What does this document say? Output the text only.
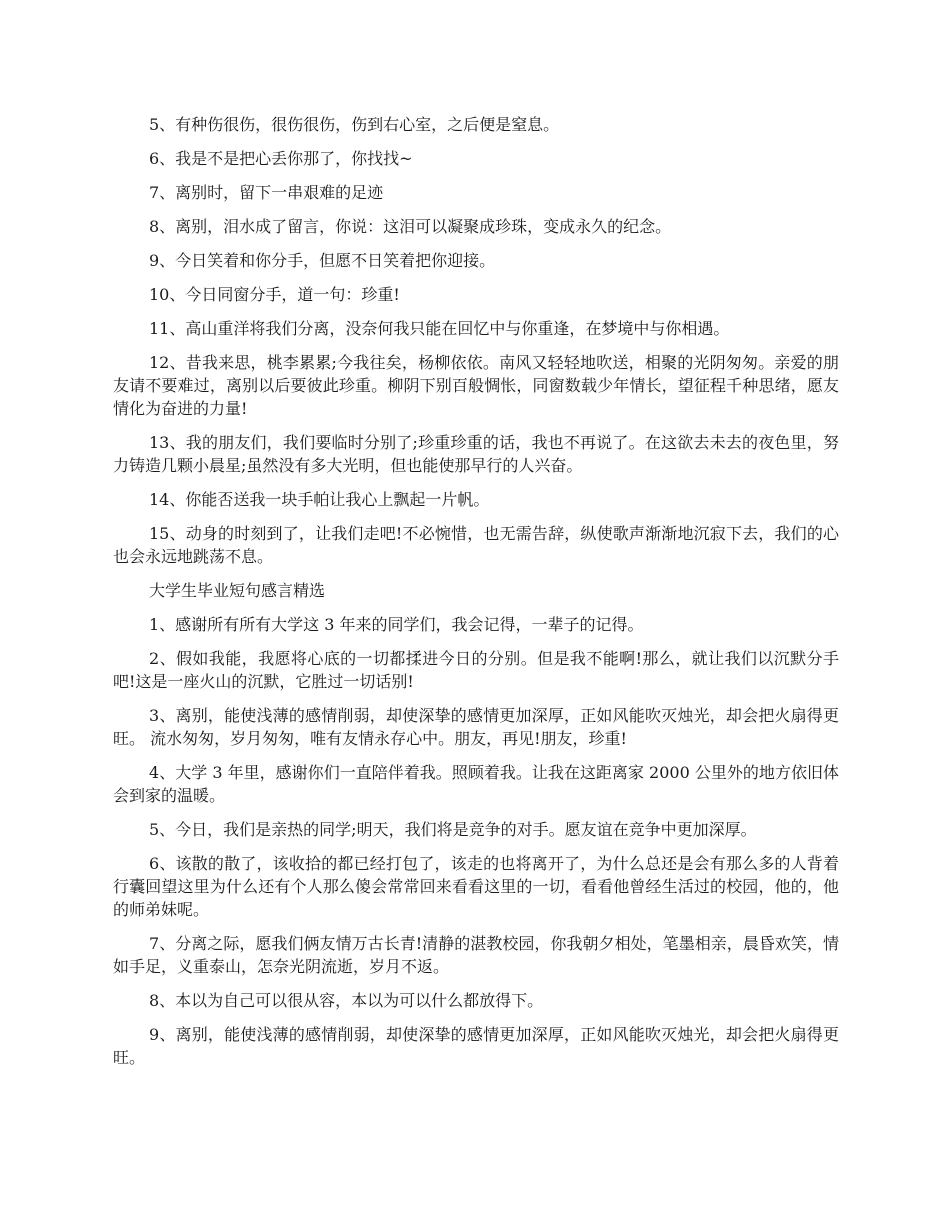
5、有种伤很伤，很伤很伤，伤到右心室，之后便是窒息。

6、我是不是把心丢你那了，你找找~

7、离别时，留下一串艰难的足迹

8、离别，泪水成了留言，你说：这泪可以凝聚成珍珠，变成永久的纪念。

9、今日笑着和你分手，但愿不日笑着把你迎接。

10、今日同窗分手，道一句：珍重!

11、高山重洋将我们分离，没奈何我只能在回忆中与你重逢，在梦境中与你相遇。

12、昔我来思，桃李累累;今我往矣，杨柳依依。南风又轻轻地吹送，相聚的光阴匆匆。亲爱的朋友请不要难过，离别以后要彼此珍重。柳阴下别百般惆怅，同窗数载少年情长，望征程千种思绪，愿友情化为奋进的力量!

13、我的朋友们，我们要临时分别了;珍重珍重的话，我也不再说了。在这欲去未去的夜色里，努力铸造几颗小晨星;虽然没有多大光明，但也能使那早行的人兴奋。

14、你能否送我一块手帕让我心上飘起一片帆。

15、动身的时刻到了，让我们走吧!不必惋惜，也无需告辞，纵使歌声渐渐地沉寂下去，我们的心也会永远地跳荡不息。

大学生毕业短句感言精选

1、感谢所有所有大学这 3 年来的同学们，我会记得，一辈子的记得。

2、假如我能，我愿将心底的一切都揉进今日的分别。但是我不能啊!那么，就让我们以沉默分手吧!这是一座火山的沉默，它胜过一切话别!

3、离别，能使浅薄的感情削弱，却使深挚的感情更加深厚，正如风能吹灭烛光，却会把火扇得更 旺。 流水匆匆，岁月匆匆，唯有友情永存心中。朋友，再见!朋友，珍重!

4、大学 3 年里，感谢你们一直陪伴着我。照顾着我。让我在这距离家 2000 公里外的地方依旧体会到家的温暖。

5、今日，我们是亲热的同学;明天，我们将是竞争的对手。愿友谊在竞争中更加深厚。

6、该散的散了，该收拾的都已经打包了，该走的也将离开了，为什么总还是会有那么多的人背着行囊回望这里为什么还有个人那么傻会常常回来看看这里的一切，看看他曾经生活过的校园，他的，他的师弟妹呢。

7、分离之际，愿我们俩友情万古长青!清静的湛教校园，你我朝夕相处，笔墨相亲，晨昏欢笑，情如手足，义重泰山，怎奈光阴流逝，岁月不返。

8、本以为自己可以很从容，本以为可以什么都放得下。

9、离别，能使浅薄的感情削弱，却使深挚的感情更加深厚，正如风能吹灭烛光，却会把火扇得更旺。
